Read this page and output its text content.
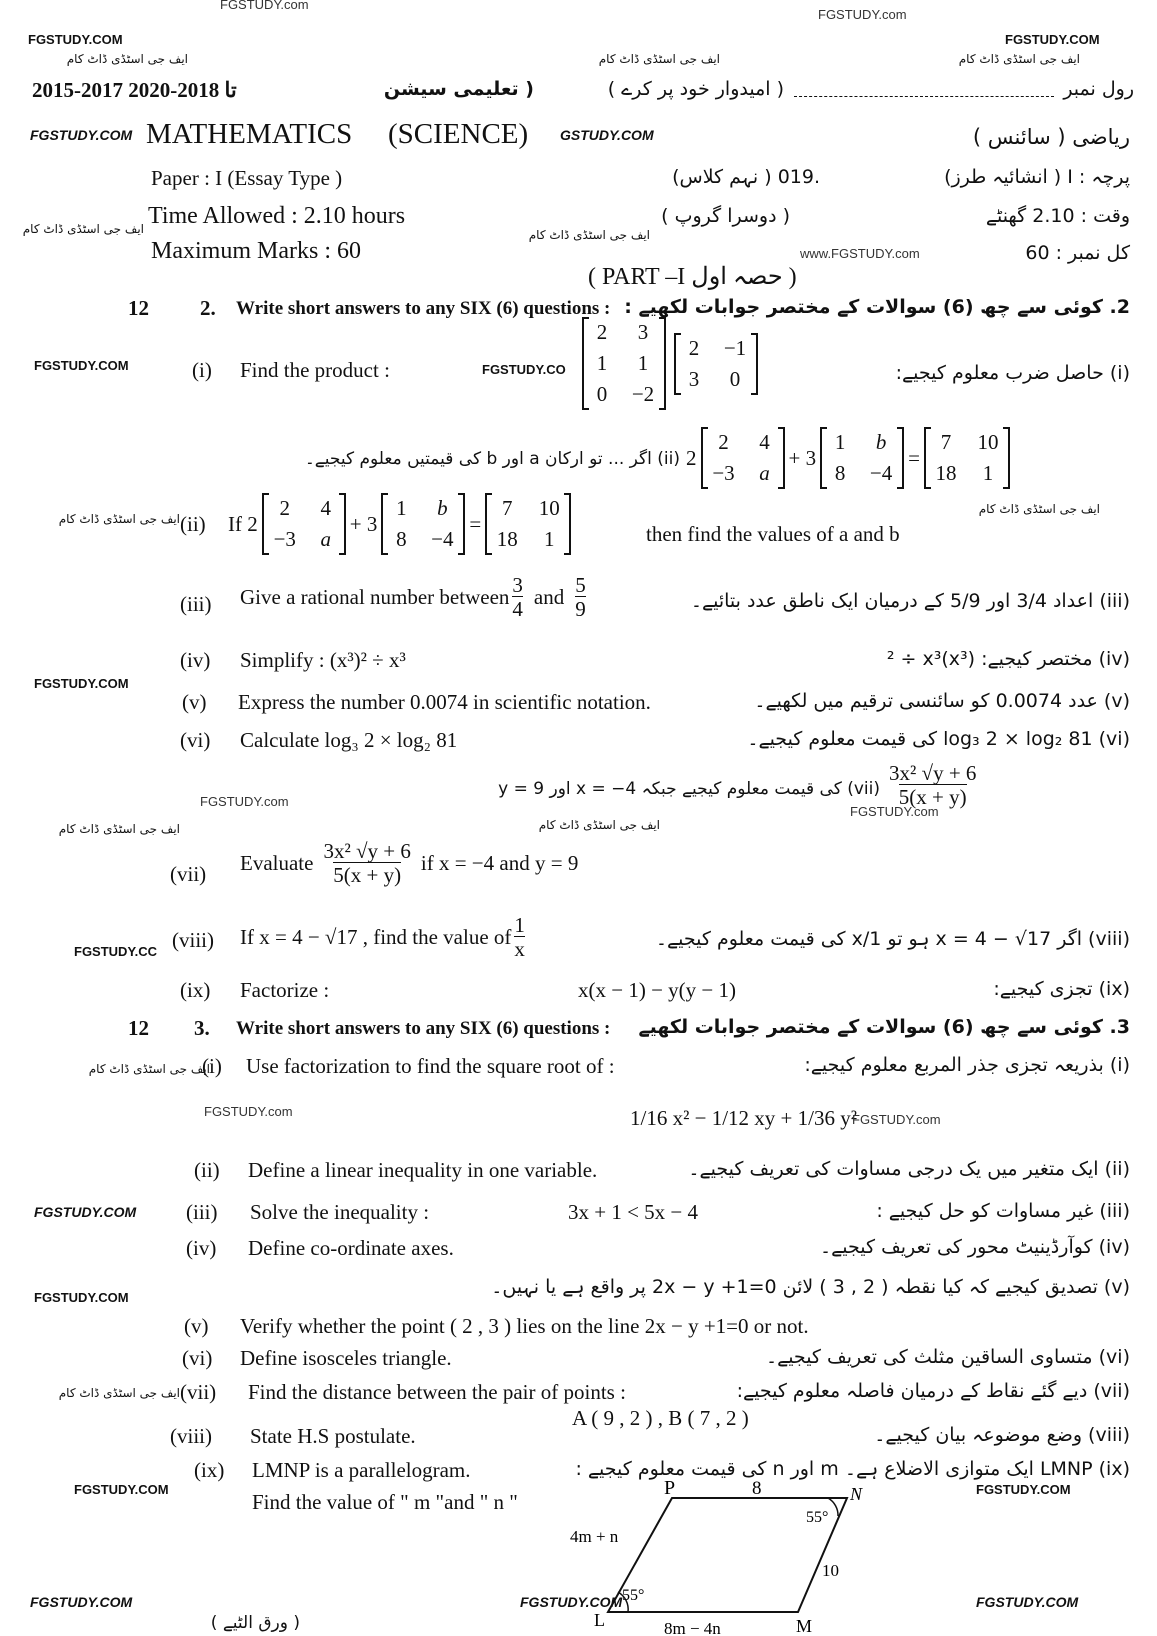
FGSTUDY.com
FGSTUDY.com
FGSTUDY.COM	FGSTUDY.COM
ایف جی اسٹڈی ڈاٹ کام	ایف جی اسٹڈی ڈاٹ کام	ایف جی اسٹڈی ڈاٹ کام
2015-2017 تا 2018-2020	( تعلیمی سیشن	( امیدوار خود پر کرے )	رول نمبر
FGSTUDY.COM MATHEMATICS (SCIENCE) GSTUDY.COM	ریاضی ( سائنس )
Paper : I (Essay Type )	.019 ( نہم کلاس)	پرچہ : I ( انشائیہ طرز)
ایف جی اسٹڈی ڈاٹ کام Time Allowed : 2.10 hours	( دوسرا گروپ )
ایف جی اسٹڈی ڈاٹ کام
وقت : 2.10 گھنٹے
Maximum Marks : 60	www.FGSTUDY.com	کل نمبر : 60
( PART –I حصہ اول )
12 2. Write short answers to any SIX (6) questions : 2. کوئی سے چھ (6) سوالات کے مختصر جوابات لکھیے :
FGSTUDY.COM	(i) Find the product :	FGSTUDY.CO
2	3
1	1
0 −2
2 −1
3	0	(i) حاصل ضرب معلوم کیجیے:
2
2	4
−3 a
+ 3
1	b
8 −4
=
7	10
18	1
(ii) اگر ... تو ارکان a اور b کی قیمتیں معلوم کیجیے۔
ایف جی اسٹڈی ڈاٹ کام (ii) If 2
2	4
−3 a
+ 3
1	b
8 −4
=
7	10
18	1	then find the values of a and b
ایف جی اسٹڈی ڈاٹ کام
(iii) Give a rational number between $\frac{3}{4}$ and $\frac{5}{9}$	(iii) اعداد 3/4 اور 5/9 کے درمیان ایک ناطق عدد بتائیے۔
(iv) Simplify : (x³)² ÷ x³	(iv) مختصر کیجیے: (x³)² ÷ x³
FGSTUDY.COM
(v) Express the number 0.0074 in scientific notation.	(v) عدد 0.0074 کو سائنسی ترقیم میں لکھیے۔
(vi) Calculate log₃ 2 × log₂ 81	(vi) log₃ 2 × log₂ 81 کی قیمت معلوم کیجیے۔
$\frac{\text{3x² √y + 6}}{5(x + y)}$
(vii) کی قیمت معلوم کیجیے جبکہ x = −4 اور y = 9
FGSTUDY.com
FGSTUDY.com
ایف جی اسٹڈی ڈاٹ کام	ایف جی اسٹڈی ڈاٹ کام
(vii) Evaluate $\frac{\text{3x² √y + 6}}{5(x + y)}$ if x = −4 and y = 9
FGSTUDY.CC (viii) If x = 4 − √17 , find the value of $\frac{1}{x}$	(viii) اگر x = 4 − √17 ہو تو 1/x کی قیمت معلوم کیجیے۔
(ix) Factorize :	x(x − 1) − y(y − 1)	(ix) تجزی کیجیے:
12 3. Write short answers to any SIX (6) questions : 3. کوئی سے چھ (6) سوالات کے مختصر جوابات لکھیے
ایف جی اسٹڈی ڈاٹ کام
(i) Use factorization to find the square root of :	(i) بذریعہ تجزی جذر المربع معلوم کیجیے:
FGSTUDY.com	1/16 x² − 1/12 xy + 1/36 y²
FGSTUDY.com
(ii) Define a linear inequality in one variable.	(ii) ایک متغیر میں یک درجی مساوات کی تعریف کیجیے۔
FGSTUDY.COM (iii) Solve the inequality :	3x + 1 < 5x − 4	(iii) غیر مساوات کو حل کیجیے :
(iv) Define co-ordinate axes.	(iv) کوآرڈینیٹ محور کی تعریف کیجیے۔
(v) تصدیق کیجیے کہ کیا نقطہ ( 2 , 3 ) لائن 2x − y +1=0 پر واقع ہے یا نہیں۔
FGSTUDY.COM
(v) Verify whether the point ( 2 , 3 ) lies on the line 2x − y +1=0 or not.
(vi) Define isosceles triangle.	(vi) متساوی الساقین مثلث کی تعریف کیجیے۔
ایف جی اسٹڈی ڈاٹ کام (vii) Find the distance between the pair of points :	(vii) دیے گئے نقاط کے درمیان فاصلہ معلوم کیجیے:
A ( 9 , 2 ) , B ( 7 , 2 )
(viii) State H.S postulate.	(viii) وضع موضوعہ بیان کیجیے۔
(ix) LMNP is a parallelogram.
Find the value of " m "and " n "
(ix) LMNP ایک متوازی الاضلاع ہے۔ m اور n کی قیمت معلوم کیجیے :
FGSTUDY.COM	FGSTUDY.COM
P	N
L	M
8
4m + n
10
8m − 4n
55°
55°
FGSTUDY.COM	FGSTUDY.COM	FGSTUDY.COM
( ورق الٹیے )
